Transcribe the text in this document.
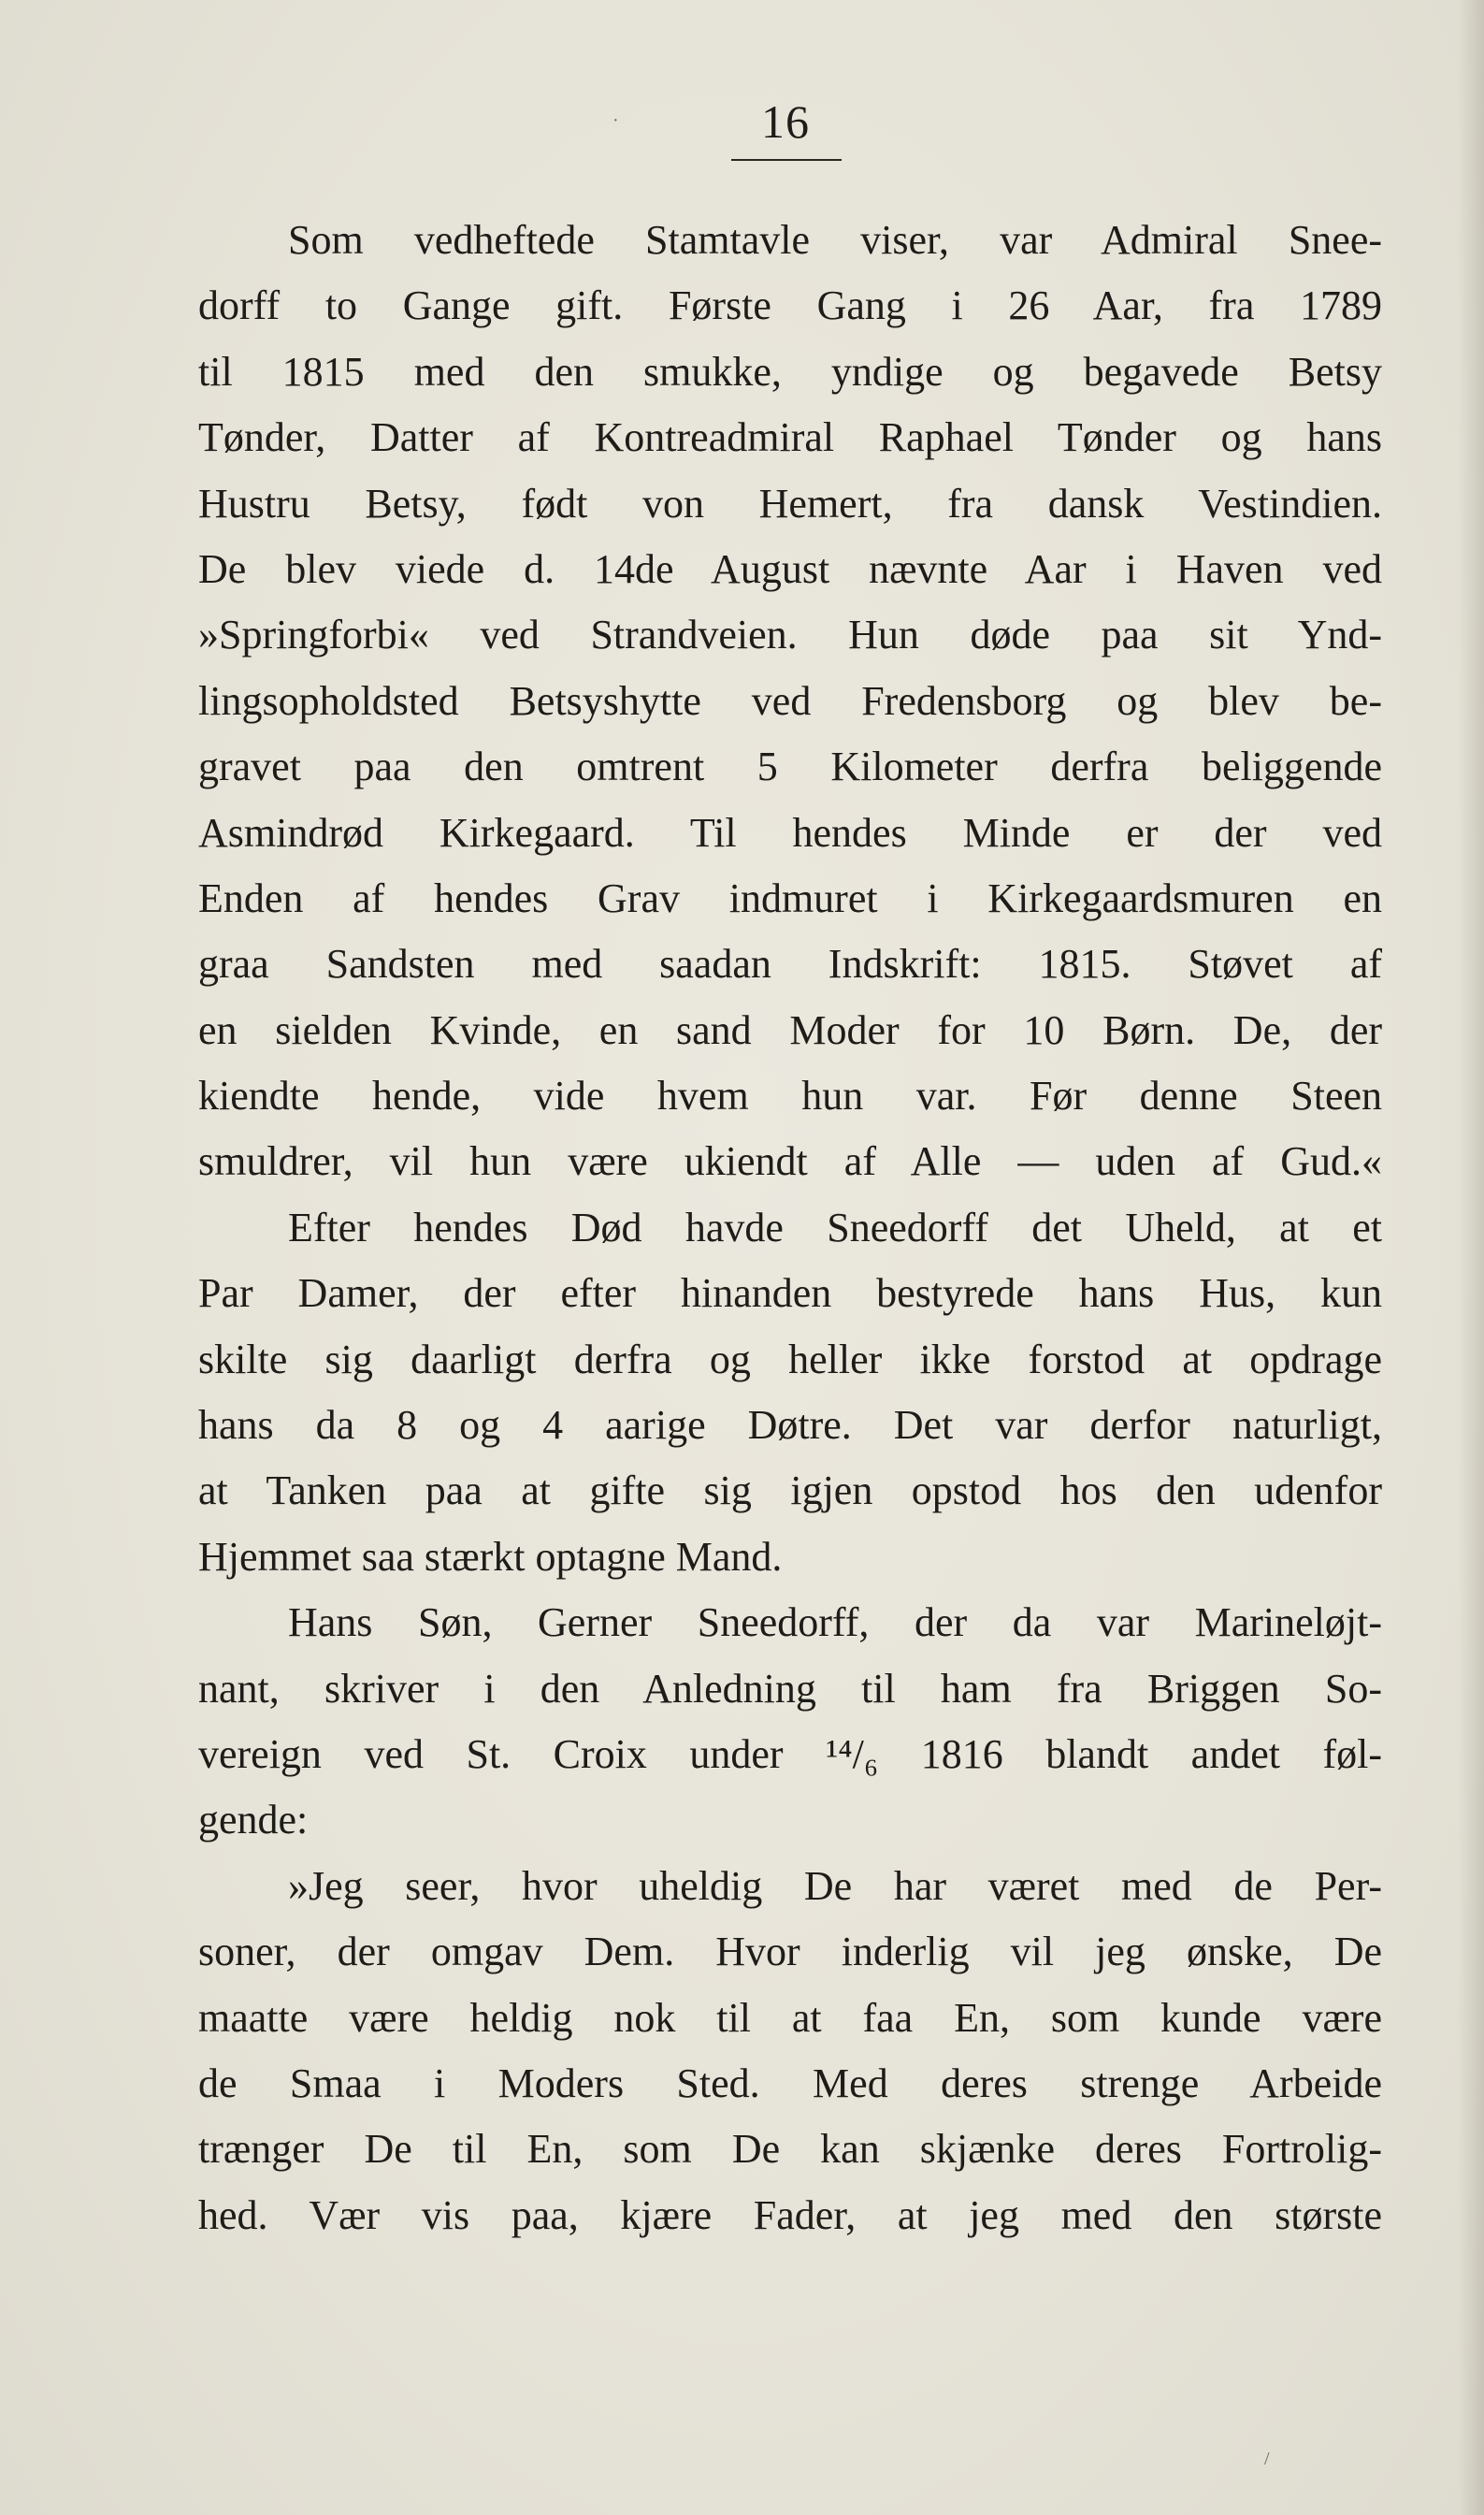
16
·
/
Som vedheftede Stamtavle viser, var Admiral Snee-
dorff to Gange gift. Første Gang i 26 Aar, fra 1789
til 1815 med den smukke, yndige og begavede Betsy
Tønder, Datter af Kontreadmiral Raphael Tønder og hans
Hustru Betsy, født von Hemert, fra dansk Vestindien.
De blev viede d. 14de August nævnte Aar i Haven ved
»Springforbi« ved Strandveien. Hun døde paa sit Ynd-
lingsopholdsted Betsyshytte ved Fredensborg og blev be-
gravet paa den omtrent 5 Kilometer derfra beliggende
Asmindrød Kirkegaard. Til hendes Minde er der ved
Enden af hendes Grav indmuret i Kirkegaardsmuren en
graa Sandsten med saadan Indskrift: 1815. Støvet af
en sielden Kvinde, en sand Moder for 10 Børn. De, der
kiendte hende, vide hvem hun var. Før denne Steen
smuldrer, vil hun være ukiendt af Alle — uden af Gud.«
Efter hendes Død havde Sneedorff det Uheld, at et
Par Damer, der efter hinanden bestyrede hans Hus, kun
skilte sig daarligt derfra og heller ikke forstod at opdrage
hans da 8 og 4 aarige Døtre. Det var derfor naturligt,
at Tanken paa at gifte sig igjen opstod hos den udenfor
Hjemmet saa stærkt optagne Mand.
Hans Søn, Gerner Sneedorff, der da var Marineløjt-
nant, skriver i den Anledning til ham fra Briggen So-
vereign ved St. Croix under ¹⁴/₆ 1816 blandt andet føl-
gende:
»Jeg seer, hvor uheldig De har været med de Per-
soner, der omgav Dem. Hvor inderlig vil jeg ønske, De
maatte være heldig nok til at faa En, som kunde være
de Smaa i Moders Sted. Med deres strenge Arbeide
trænger De til En, som De kan skjænke deres Fortrolig-
hed. Vær vis paa, kjære Fader, at jeg med den største
